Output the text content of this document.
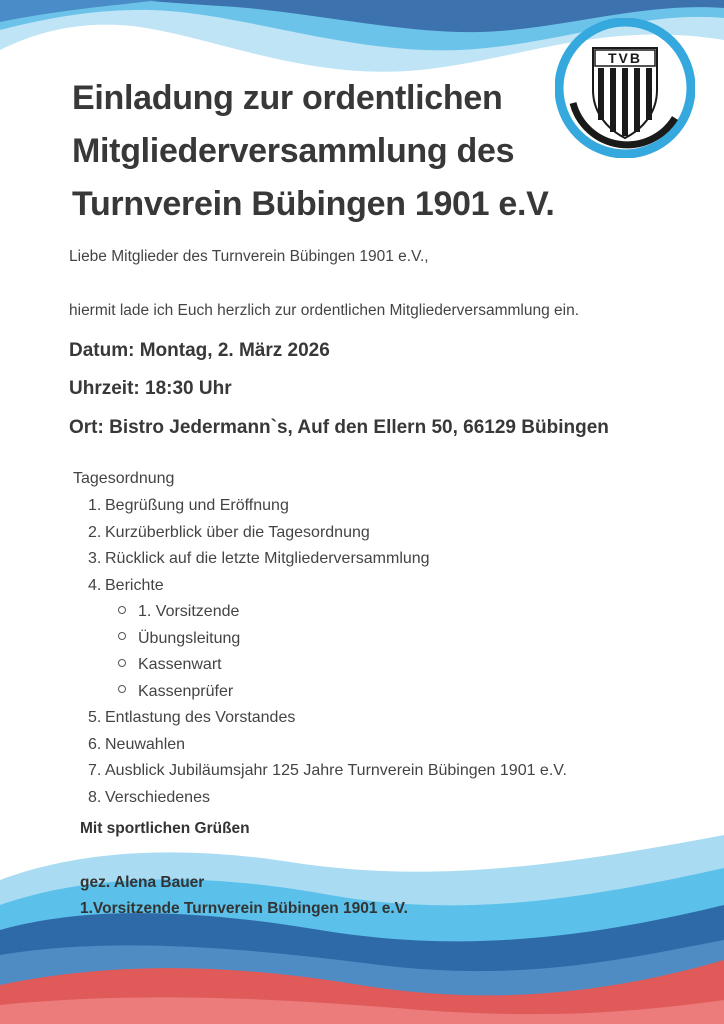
TVB
Einladung zur ordentlichen
Mitgliederversammlung des
Turnverein Bübingen 1901 e.V.
Liebe Mitglieder des Turnverein Bübingen 1901 e.V.,
hiermit lade ich Euch herzlich zur ordentlichen Mitgliederversammlung ein.
Datum: Montag, 2. März 2026
Uhrzeit: 18:30 Uhr
Ort: Bistro Jedermann`s, Auf den Ellern 50, 66129 Bübingen
Tagesordnung
1. Begrüßung und Eröffnung
2. Kurzüberblick über die Tagesordnung
3. Rücklick auf die letzte Mitgliederversammlung
4. Berichte
1. Vorsitzende
Übungsleitung
Kassenwart
Kassenprüfer
5. Entlastung des Vorstandes
6. Neuwahlen
7. Ausblick Jubiläumsjahr 125 Jahre Turnverein Bübingen 1901 e.V.
8. Verschiedenes
Mit sportlichen Grüßen
gez. Alena Bauer
1.Vorsitzende Turnverein Bübingen 1901 e.V.
